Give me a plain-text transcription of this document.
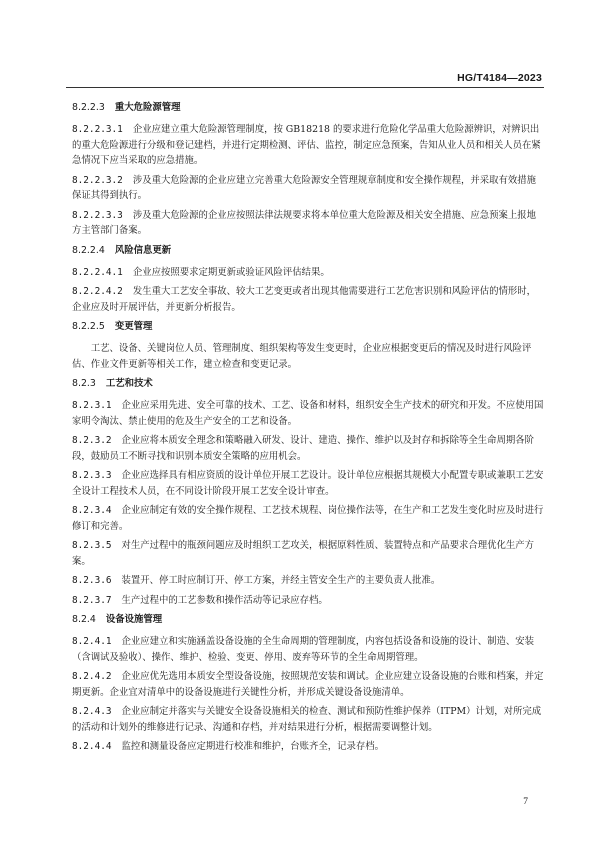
HG/T4184—2023
8.2.2.3 重大危险源管理
8.2.2.3.1 企业应建立重大危险源管理制度，按 GB18218 的要求进行危险化学品重大危险源辨识，对辨识出的重大危险源进行分级和登记建档，并进行定期检测、评估、监控，制定应急预案，告知从业人员和相关人员在紧急情况下应当采取的应急措施。
8.2.2.3.2 涉及重大危险源的企业应建立完善重大危险源安全管理规章制度和安全操作规程，并采取有效措施保证其得到执行。
8.2.2.3.3 涉及重大危险源的企业应按照法律法规要求将本单位重大危险源及相关安全措施、应急预案上报地方主管部门备案。
8.2.2.4 风险信息更新
8.2.2.4.1 企业应按照要求定期更新或验证风险评估结果。
8.2.2.4.2 发生重大工艺安全事故、较大工艺变更或者出现其他需要进行工艺危害识别和风险评估的情形时，企业应及时开展评估，并更新分析报告。
8.2.2.5 变更管理
工艺、设备、关键岗位人员、管理制度、组织架构等发生变更时，企业应根据变更后的情况及时进行风险评估、作业文件更新等相关工作，建立检查和变更记录。
8.2.3 工艺和技术
8.2.3.1 企业应采用先进、安全可靠的技术、工艺、设备和材料，组织安全生产技术的研究和开发。不应使用国家明令淘汰、禁止使用的危及生产安全的工艺和设备。
8.2.3.2 企业应将本质安全理念和策略融入研发、设计、建造、操作、维护以及封存和拆除等全生命周期各阶段，鼓励员工不断寻找和识别本质安全策略的应用机会。
8.2.3.3 企业应选择具有相应资质的设计单位开展工艺设计。设计单位应根据其规模大小配置专职或兼职工艺安全设计工程技术人员，在不同设计阶段开展工艺安全设计审查。
8.2.3.4 企业应制定有效的安全操作规程、工艺技术规程、岗位操作法等，在生产和工艺发生变化时应及时进行修订和完善。
8.2.3.5 对生产过程中的瓶颈问题应及时组织工艺攻关，根据原料性质、装置特点和产品要求合理优化生产方案。
8.2.3.6 装置开、停工时应制订开、停工方案，并经主管安全生产的主要负责人批准。
8.2.3.7 生产过程中的工艺参数和操作活动等记录应存档。
8.2.4 设备设施管理
8.2.4.1 企业应建立和实施涵盖设备设施的全生命周期的管理制度，内容包括设备和设施的设计、制造、安装（含调试及验收）、操作、维护、检验、变更、停用、废弃等环节的全生命周期管理。
8.2.4.2 企业应优先选用本质安全型设备设施，按照规范安装和调试。企业应建立设备设施的台账和档案，并定期更新。企业宜对清单中的设备设施进行关键性分析，并形成关键设备设施清单。
8.2.4.3 企业应制定并落实与关键安全设备设施相关的检查、测试和预防性维护保养（ITPM）计划，对所完成的活动和计划外的维修进行记录、沟通和存档，并对结果进行分析，根据需要调整计划。
8.2.4.4 监控和测量设备应定期进行校准和维护，台账齐全，记录存档。
7
